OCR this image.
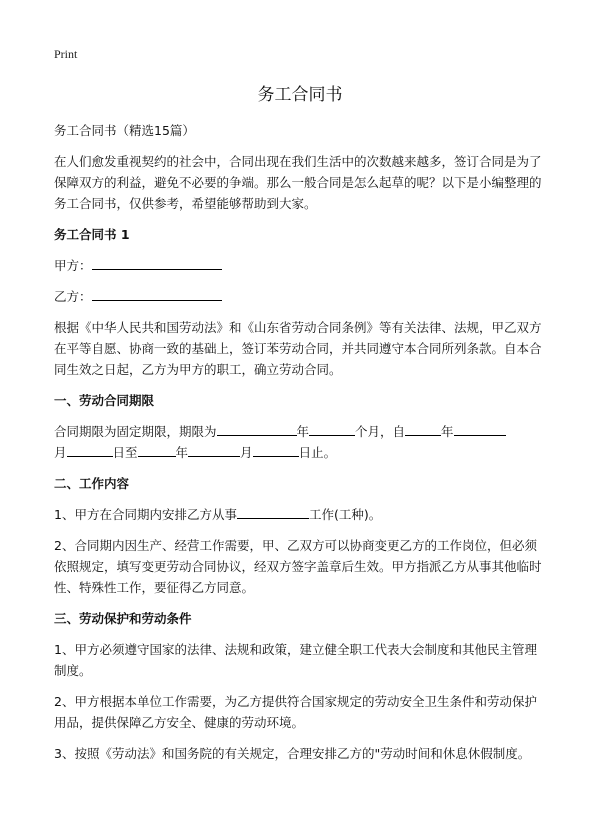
Print
务工合同书

务工合同书（精选15篇）

在人们愈发重视契约的社会中，合同出现在我们生活中的次数越来越多，签订合同是为了保障双方的利益，避免不必要的争端。那么一般合同是怎么起草的呢？以下是小编整理的务工合同书，仅供参考，希望能够帮助到大家。

务工合同书 1

甲方：

乙方：

根据《中华人民共和国劳动法》和《山东省劳动合同条例》等有关法律、法规，甲乙双方在平等自愿、协商一致的基础上，签订苯劳动合同，并共同遵守本合同所列条款。自本合同生效之日起，乙方为甲方的职工，确立劳动合同。

一、劳动合同期限

合同期限为固定期限，期限为	年	个月，自	年
月	日至	年	月	日止。

二、工作内容

1、甲方在合同期内安排乙方从事	工作(工种)。

2、合同期内因生产、经营工作需要，甲、乙双方可以协商变更乙方的工作岗位，但必须依照规定，填写变更劳动合同协议，经双方签字盖章后生效。甲方指派乙方从事其他临时性、特殊性工作，要征得乙方同意。

三、劳动保护和劳动条件

1、甲方必须遵守国家的法律、法规和政策，建立健全职工代表大会制度和其他民主管理制度。

2、甲方根据本单位工作需要，为乙方提供符合国家规定的劳动安全卫生条件和劳动保护用品，提供保障乙方安全、健康的劳动环境。

3、按照《劳动法》和国务院的有关规定，合理安排乙方的"劳动时间和休息休假制度。
